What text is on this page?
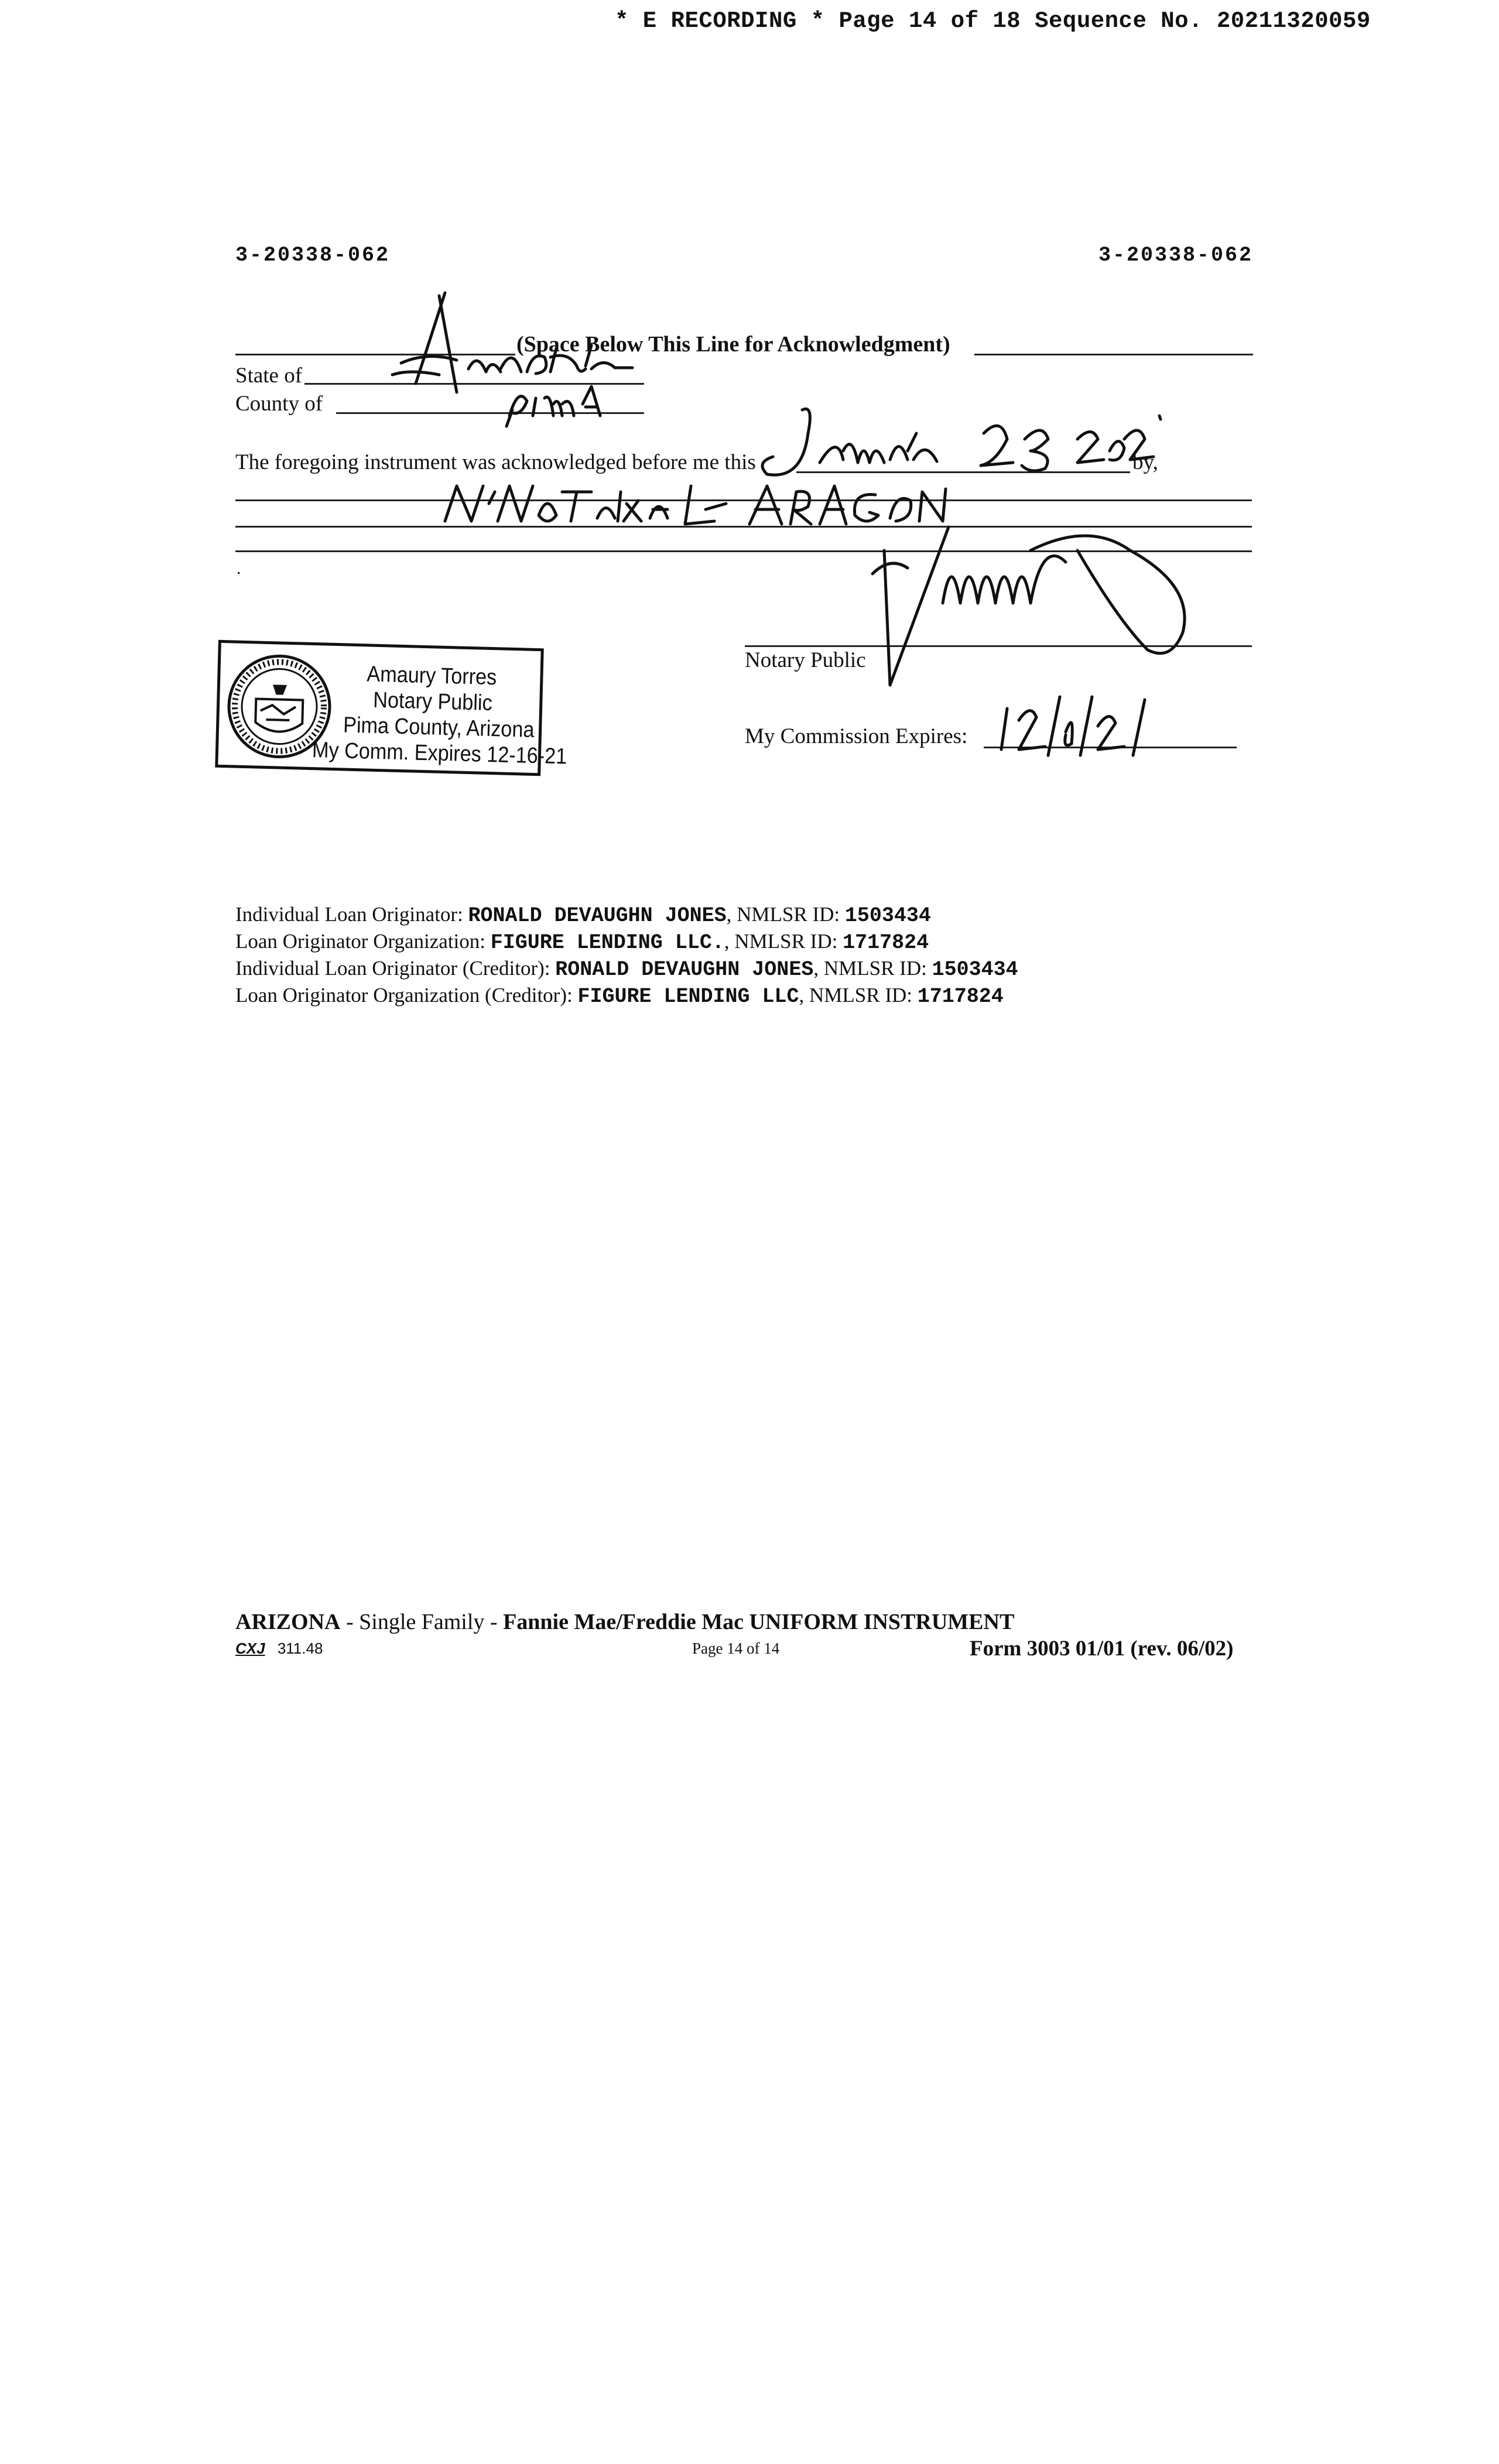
* E RECORDING * Page 14 of 18 Sequence No. 20211320059
3-20338-062	3-20338-062
(Space Below This Line for Acknowledgment)
State of
County of
The foregoing instrument was acknowledged before me this	by,
.
Notary Public
My Commission Expires:
Amaury Torres
Notary Public
Pima County, Arizona
My Comm. Expires 12-16-21
Individual Loan Originator: RONALD DEVAUGHN JONES, NMLSR ID: 1503434
Loan Originator Organization: FIGURE LENDING LLC., NMLSR ID: 1717824
Individual Loan Originator (Creditor): RONALD DEVAUGHN JONES, NMLSR ID: 1503434
Loan Originator Organization (Creditor): FIGURE LENDING LLC, NMLSR ID: 1717824
ARIZONA - Single Family - Fannie Mae/Freddie Mac UNIFORM INSTRUMENT
CXJ 311.48	Page 14 of 14	Form 3003 01/01 (rev. 06/02)
